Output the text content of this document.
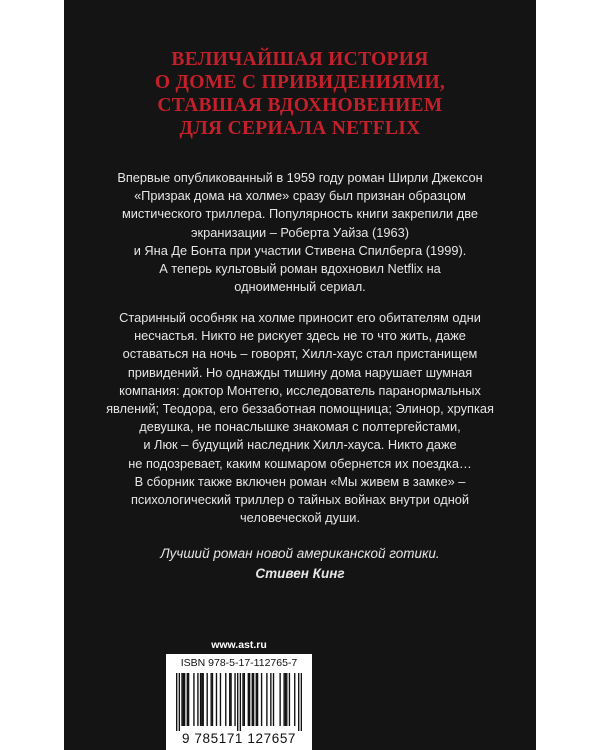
ВЕЛИЧАЙШАЯ ИСТОРИЯ
О ДОМЕ С ПРИВИДЕНИЯМИ,
СТАВШАЯ ВДОХНОВЕНИЕМ
ДЛЯ СЕРИАЛА NETFLIX
Впервые опубликованный в 1959 году роман Ширли Джексон
«Призрак дома на холме» сразу был признан образцом
мистического триллера. Популярность книги закрепили две
экранизации – Роберта Уайза (1963)
и Яна Де Бонта при участии Стивена Спилберга (1999).
А теперь культовый роман вдохновил Netflix на
одноименный сериал.
Старинный особняк на холме приносит его обитателям одни
несчастья. Никто не рискует здесь не то что жить, даже
оставаться на ночь – говорят, Хилл-хаус стал пристанищем
привидений. Но однажды тишину дома нарушает шумная
компания: доктор Монтегю, исследователь паранормальных
явлений; Теодора, его беззаботная помощница; Элинор, хрупкая
девушка, не понаслышке знакомая с полтергейстами,
и Люк – будущий наследник Хилл-хауса. Никто даже
не подозревает, каким кошмаром обернется их поездка…
В сборник также включен роман «Мы живем в замке» –
психологический триллер о тайных войнах внутри одной
человеческой души.
Лучший роман новой американской готики.
Стивен Кинг
www.ast.ru
ISBN 978-5-17-112765-7
9 785171 127657
